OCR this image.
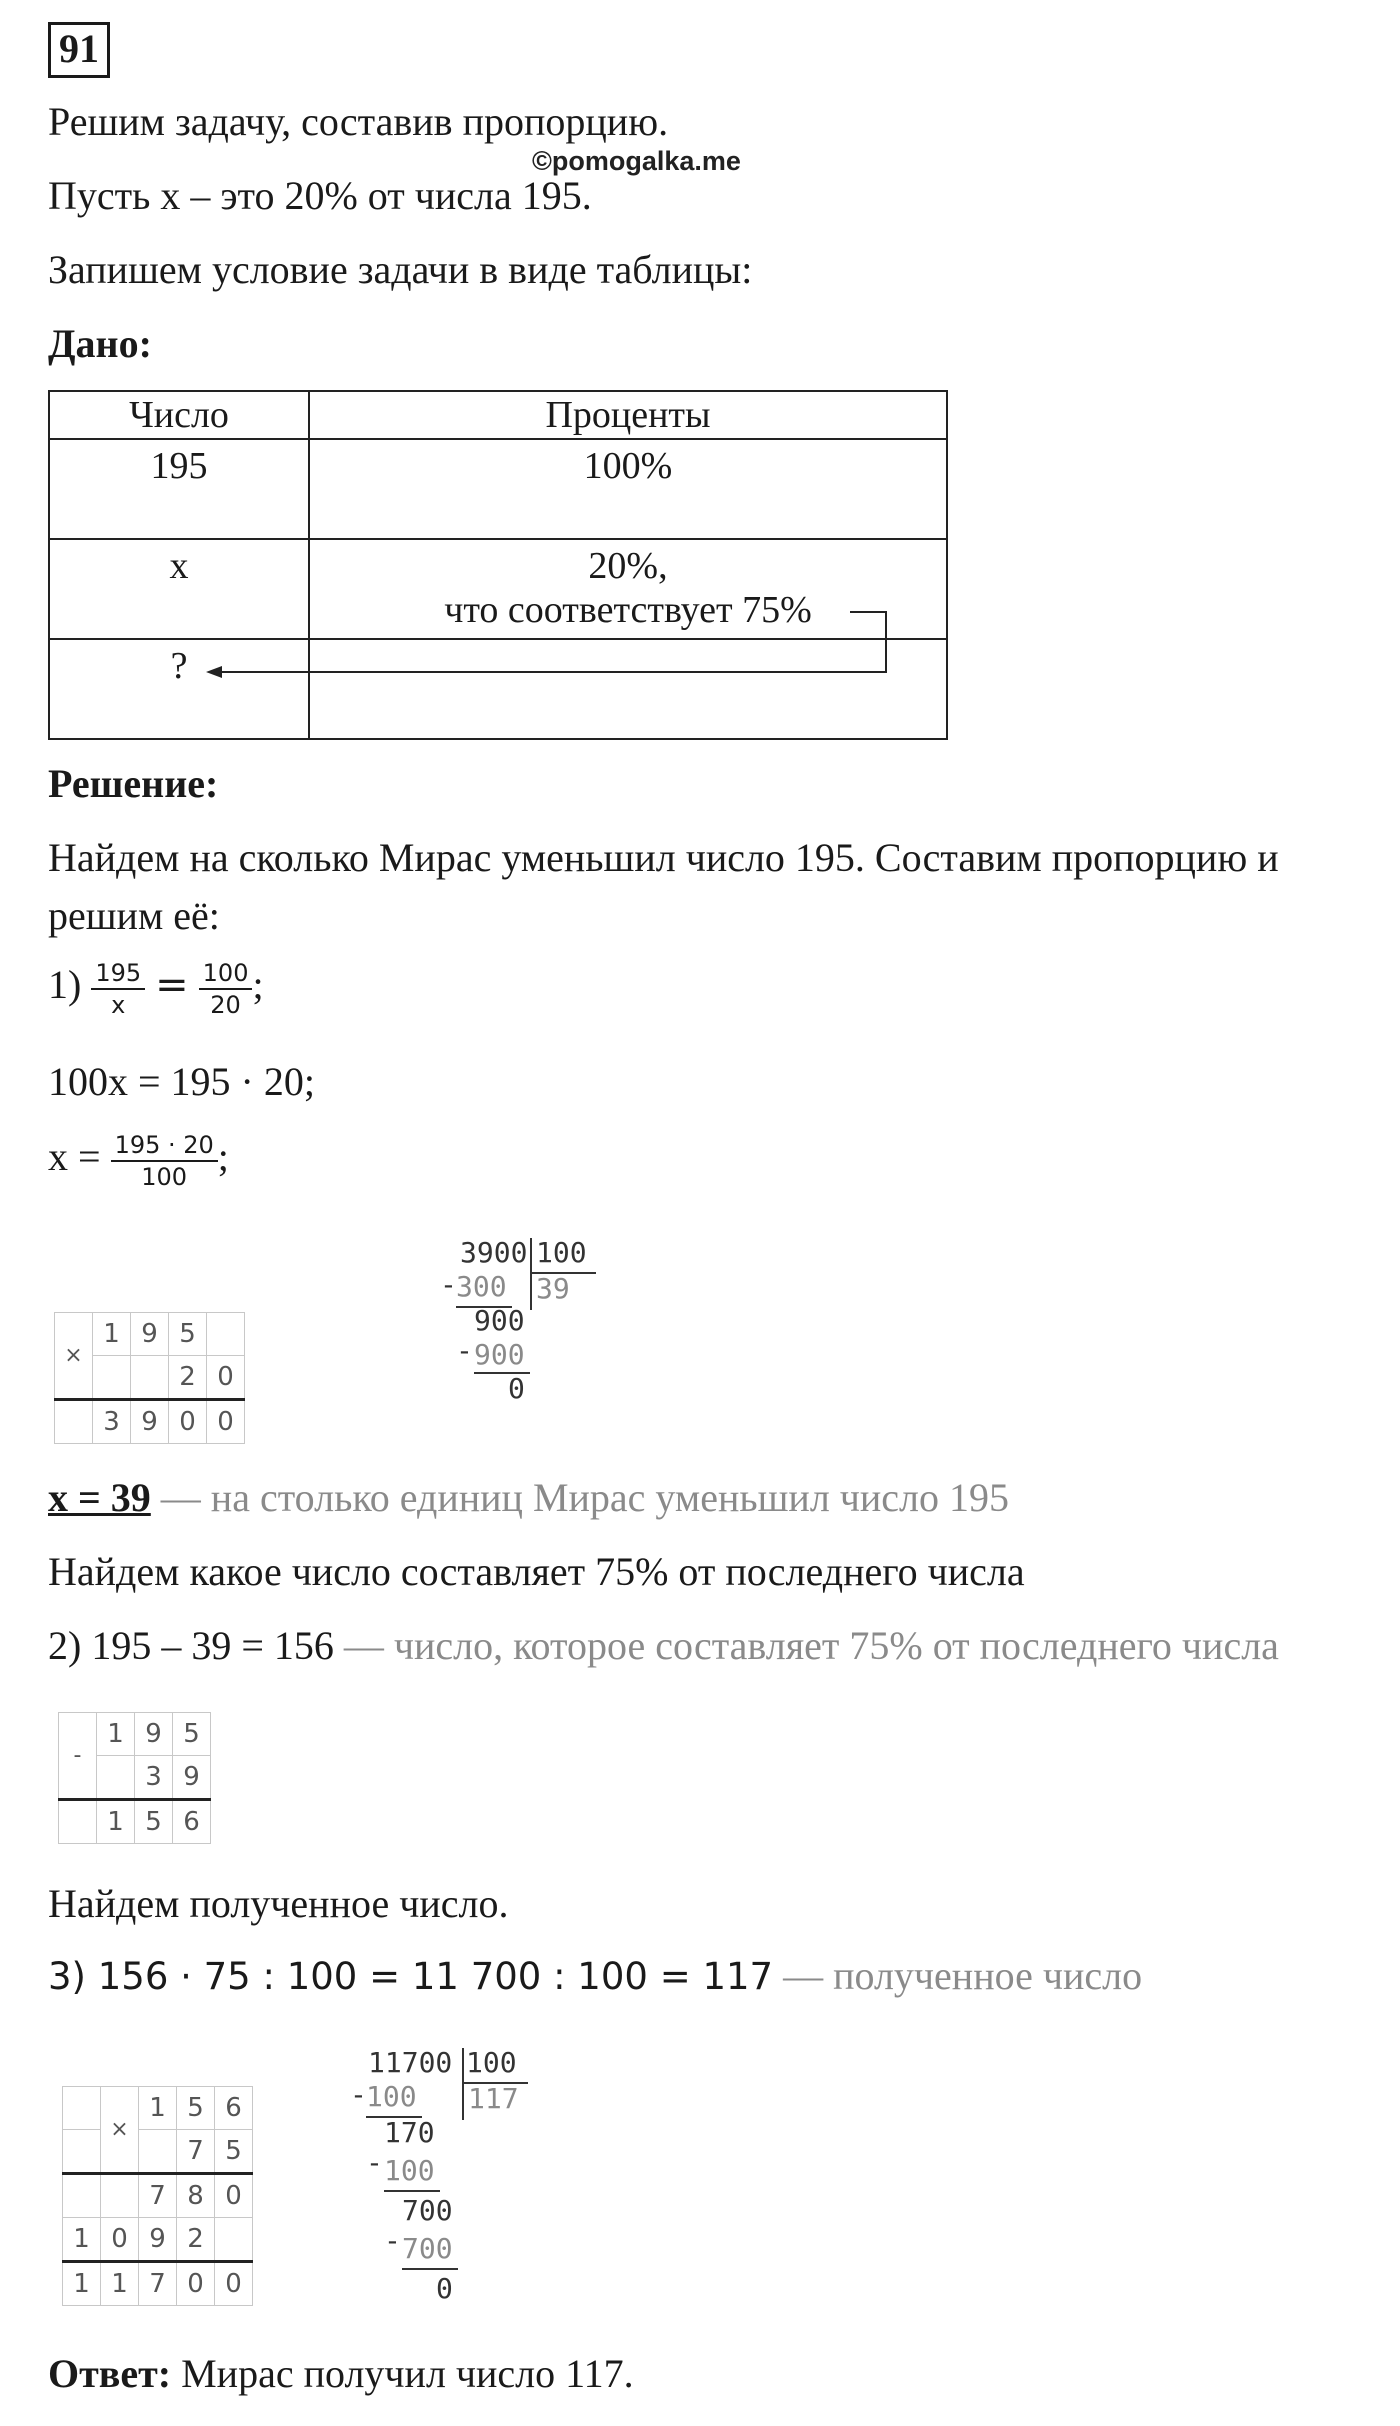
91
©pomogalka.me
Решим задачу, составив пропорцию.
Пусть x – это 20% от числа 195.
Запишем условие задачи в виде таблицы:
Дано:
Число	Проценты

195	100%

x	20%,
что соответствует 75%

?	

Решение:
Найдем на сколько Мирас уменьшил число 195. Составим пропорцию и
решим её:
$1) \frac{195}{x} = \frac{100}{20}$ ;
100x = 195 · 20;
$x = \frac{195 \cdot 20}{100}$ ;
×	1	9	5	
			2	0
	3	9	0	0
3900 100
- 300 39
900
- 900
0
x = 39 — на столько единиц Мирас уменьшил число 195
Найдем какое число составляет 75% от последнего числа
2) 195 – 39 = 156 — число, которое составляет 75% от последнего числа
-	1	9	5
		3	9
	1	5	6
Найдем полученное число.
3) 156 · 75 : 100 = 11 700 : 100 = 117 — полученное число
	×	1	5	6
			7	5
		7	8	0
1	0	9	2	
1	1	7	0	0
11700 100
- 100 117
170
- 100
700
- 700
0
Ответ: Мирас получил число 117.
